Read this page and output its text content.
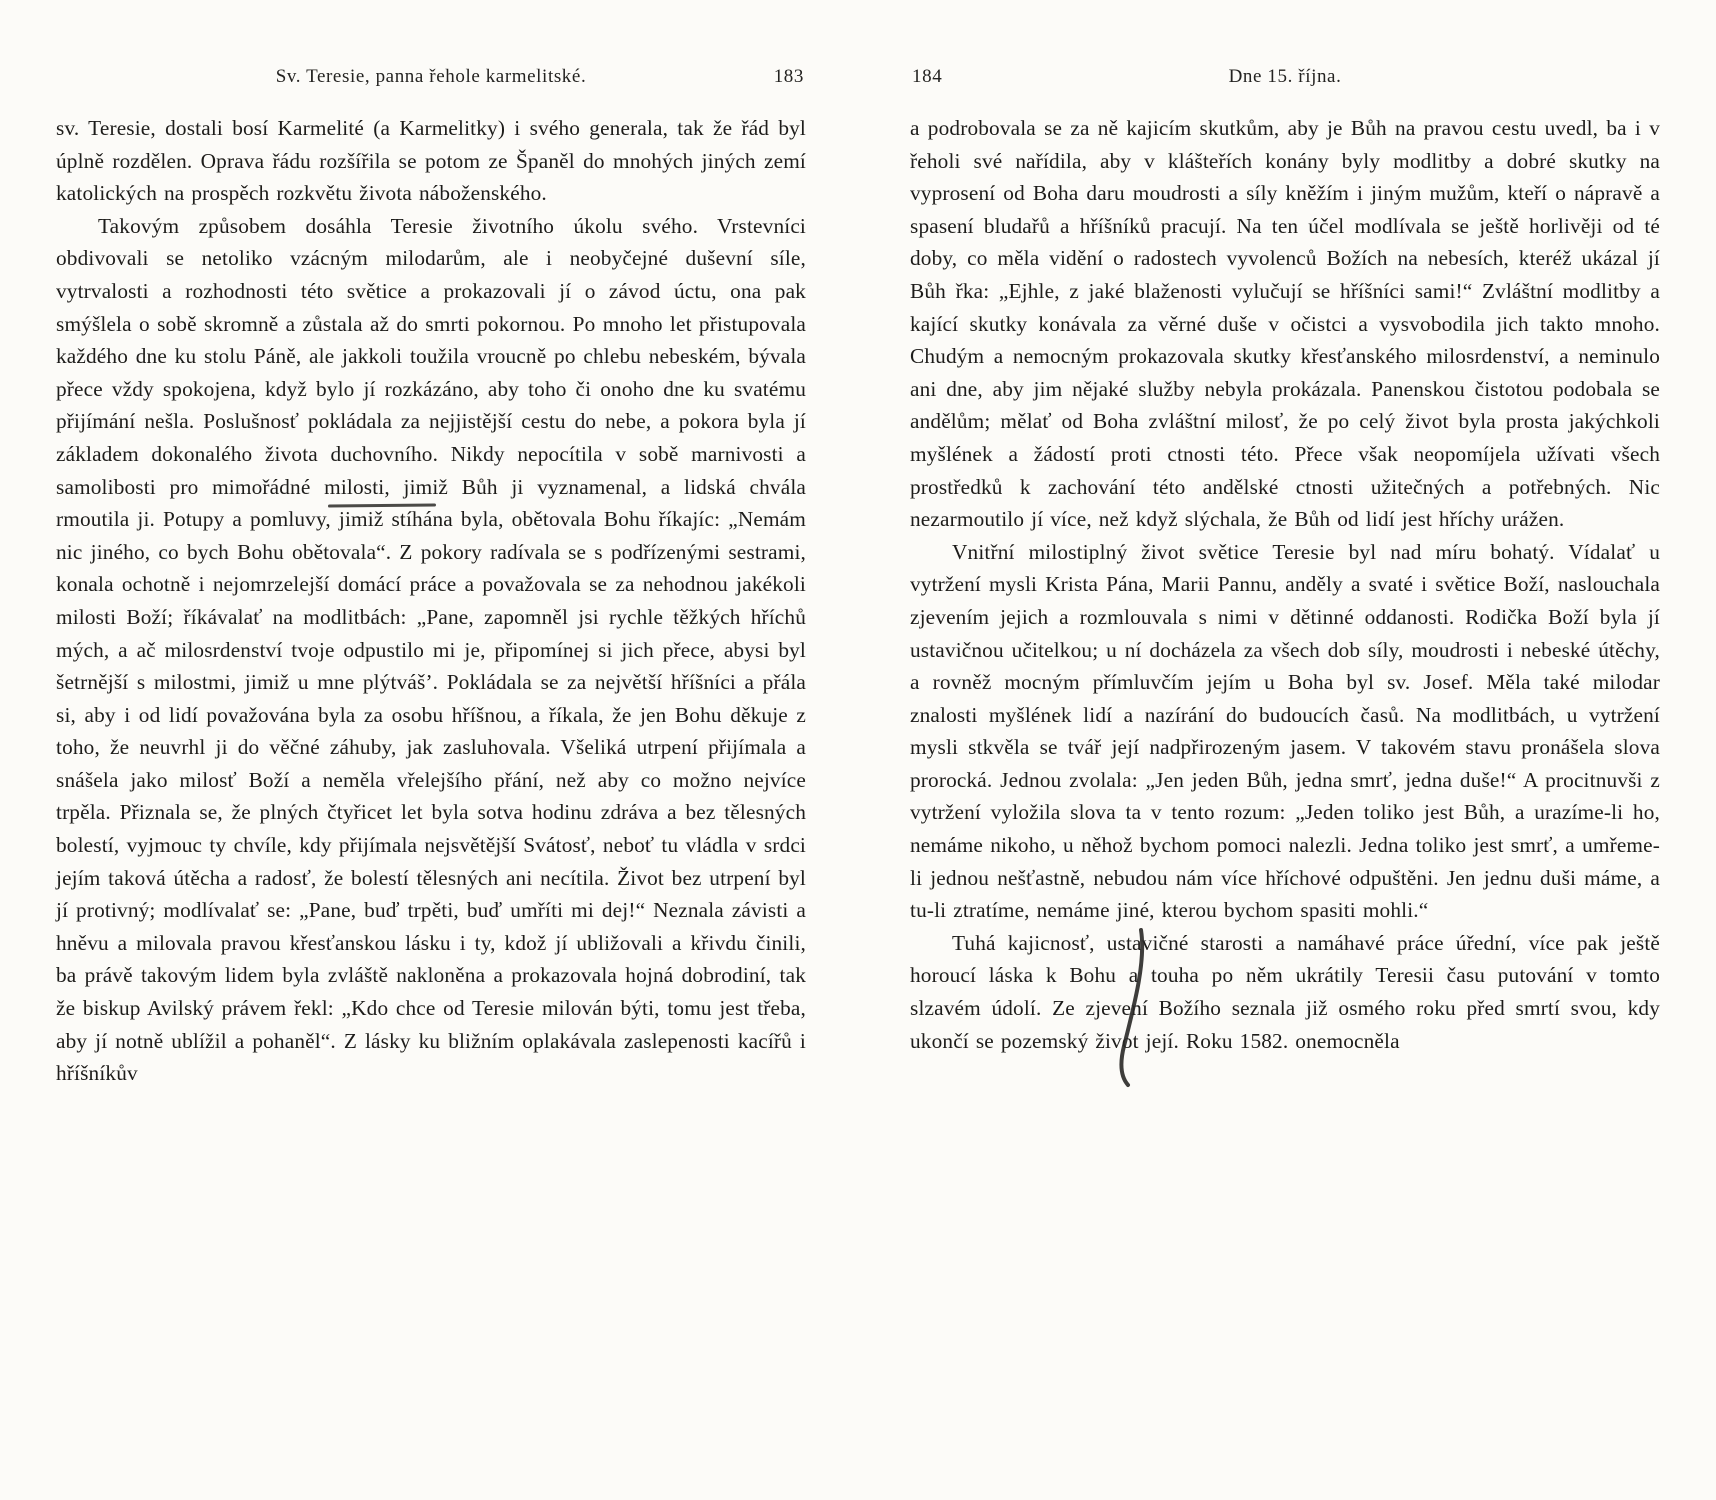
Sv. Teresie, panna řehole karmelitské.	183

sv. Teresie, dostali bosí Karmelité (a Karmelitky) i svého generala, tak že řád byl úplně rozdělen. Oprava řádu rozšířila se potom ze Španěl do mnohých jiných zemí katolických na prospěch rozkvětu života náboženského.

Takovým způsobem dosáhla Teresie životního úkolu svého. Vrstevníci obdivovali se netoliko vzácným milodarům, ale i neobyčejné duševní síle, vytrvalosti a rozhodnosti této světice a prokazovali jí o závod úctu, ona pak smýšlela o sobě skromně a zůstala až do smrti pokornou. Po mnoho let přistupovala každého dne ku stolu Páně, ale jakkoli toužila vroucně po chlebu nebeském, bývala přece vždy spokojena, když bylo jí rozkázáno, aby toho či onoho dne ku svatému přijímání nešla. Poslušnosť pokládala za nejjistější cestu do nebe, a pokora byla jí základem dokonalého života duchovního. Nikdy nepocítila v sobě marnivosti a samolibosti pro mimořádné milosti, jimiž Bůh ji vyznamenal, a lidská chvála rmoutila ji. Potupy a pomluvy, jimiž stíhána byla, obětovala Bohu říkajíc: „Nemám nic jiného, co bych Bohu obětovala“. Z pokory radívala se s podřízenými sestrami, konala ochotně i nejomrzelejší domácí práce a považovala se za nehodnou jakékoli milosti Boží; říkávalať na modlitbách: „Pane, zapomněl jsi rychle těžkých hříchů mých, a ač milosrdenství tvoje odpustilo mi je, připomínej si jich přece, abysi byl šetrnější s milostmi, jimiž u mne plýtváš’. Pokládala se za největší hříšníci a přála si, aby i od lidí považována byla za osobu hříšnou, a říkala, že jen Bohu děkuje z toho, že neuvrhl ji do věčné záhuby, jak zasluhovala. Všeliká utrpení přijímala a snášela jako milosť Boží a neměla vřelejšího přání, než aby co možno nejvíce trpěla. Přiznala se, že plných čtyřicet let byla sotva hodinu zdráva a bez tělesných bolestí, vyjmouc ty chvíle, kdy přijímala nejsvětější Svátosť, neboť tu vládla v srdci jejím taková útěcha a radosť, že bolestí tělesných ani necítila. Život bez utrpení byl jí protivný; modlívalať se: „Pane, buď trpěti, buď umříti mi dej!“ Neznala závisti a hněvu a milovala pravou křesťanskou lásku i ty, kdož jí ubližovali a křivdu činili, ba právě takovým lidem byla zvláště nakloněna a prokazovala hojná dobrodiní, tak že biskup Avilský právem řekl: „Kdo chce od Teresie milován býti, tomu jest třeba, aby jí notně ublížil a pohaněl“. Z lásky ku bližním oplakávala zaslepenosti kacířů i hříšníkův

184	Dne 15. října.

a podrobovala se za ně kajicím skutkům, aby je Bůh na pravou cestu uvedl, ba i v řeholi své nařídila, aby v klášteřích konány byly modlitby a dobré skutky na vyprosení od Boha daru moudrosti a síly kněžím i jiným mužům, kteří o nápravě a spasení bludařů a hříšníků pracují. Na ten účel modlívala se ještě horlivěji od té doby, co měla vidění o radostech vyvolenců Božích na nebesích, kteréž ukázal jí Bůh řka: „Ejhle, z jaké blaženosti vylučují se hříšníci sami!“ Zvláštní modlitby a kající skutky konávala za věrné duše v očistci a vysvobodila jich takto mnoho. Chudým a nemocným prokazovala skutky křesťanského milosrdenství, a neminulo ani dne, aby jim nějaké služby nebyla prokázala. Panenskou čistotou podobala se andělům; mělať od Boha zvláštní milosť, že po celý život byla prosta jakýchkoli myšlének a žádostí proti ctnosti této. Přece však neopomíjela užívati všech prostředků k zachování této andělské ctnosti užitečných a potřebných. Nic nezarmoutilo jí více, než když slýchala, že Bůh od lidí jest hříchy urážen.

Vnitřní milostiplný život světice Teresie byl nad míru bohatý. Vídalať u vytržení mysli Krista Pána, Marii Pannu, anděly a svaté i světice Boží, naslouchala zjevením jejich a rozmlouvala s nimi v dětinné oddanosti. Rodička Boží byla jí ustavičnou učitelkou; u ní docházela za všech dob síly, moudrosti i nebeské útěchy, a rovněž mocným přímluvčím jejím u Boha byl sv. Josef. Měla také milodar znalosti myšlének lidí a nazírání do budoucích časů. Na modlitbách, u vytržení mysli stkvěla se tvář její nadpřirozeným jasem. V takovém stavu pronášela slova prorocká. Jednou zvolala: „Jen jeden Bůh, jedna smrť, jedna duše!“ A procitnuvši z vytržení vyložila slova ta v tento rozum: „Jeden toliko jest Bůh, a urazíme-li ho, nemáme nikoho, u něhož bychom pomoci nalezli. Jedna toliko jest smrť, a umřeme-li jednou nešťastně, nebudou nám více hříchové odpuštěni. Jen jednu duši máme, a tu-li ztratíme, nemáme jiné, kterou bychom spasiti mohli.“

Tuhá kajicnosť, ustavičné starosti a namáhavé práce úřední, více pak ještě horoucí láska k Bohu a touha po něm ukrátily Teresii času putování v tomto slzavém údolí. Ze zjevení Božího seznala již osmého roku před smrtí svou, kdy ukončí se pozemský život její. Roku 1582. onemocněla
